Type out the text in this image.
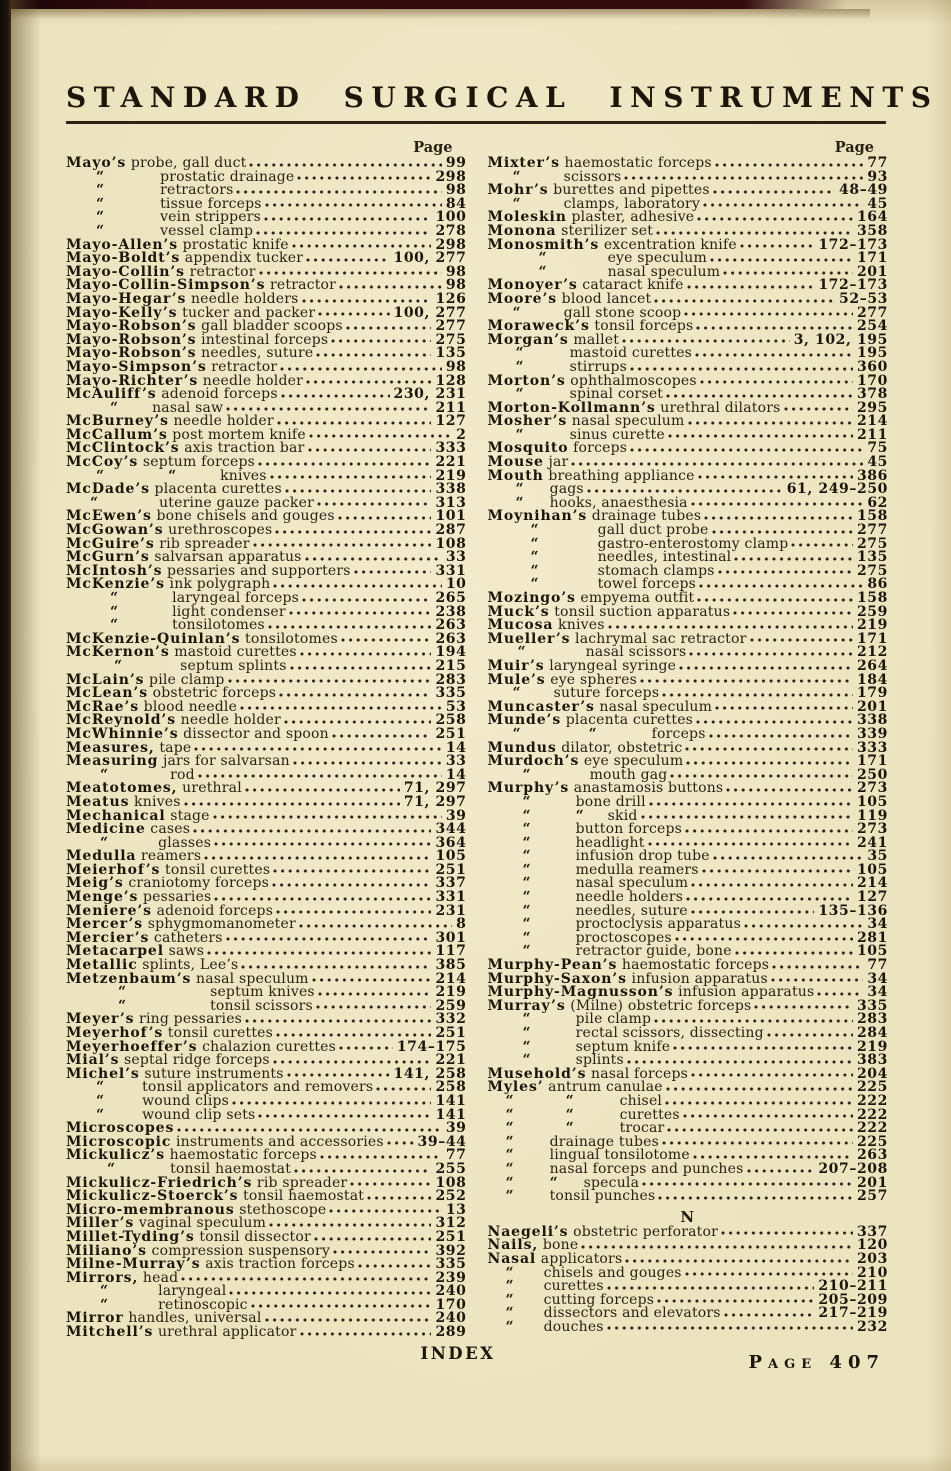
STANDARD SURGICAL INSTRUMENTS
Page
Mayo’s probe, gall duct	99
“	prostatic drainage	298
“	retractors	98
“	tissue forceps	84
“	vein strippers	100
“	vessel clamp	278
Mayo-Allen’s prostatic knife	298
Mayo-Boldt’s appendix tucker	100, 277
Mayo-Collin’s retractor	98
Mayo-Collin-Simpson’s retractor	98
Mayo-Hegar’s needle holders	126
Mayo-Kelly’s tucker and packer	100, 277
Mayo-Robson’s gall bladder scoops	277
Mayo-Robson’s intestinal forceps	275
Mayo-Robson’s needles, suture	135
Mayo-Simpson’s retractor	98
Mayo-Richter’s needle holder	128
McAuliff’s adenoid forceps	230, 231
“ nasal saw	211
McBurney’s needle holder	127
McCallum’s post mortem knife	2
McClintock’s axis traction bar	333
McCoy’s septum forceps	221
“	“	knives	219
McDade’s placenta curettes	338
“	uterine gauze packer	313
McEwen’s bone chisels and gouges	101
McGowan’s urethroscopes	287
McGuire’s rib spreader	108
McGurn’s salvarsan apparatus	33
McIntosh’s pessaries and supporters	331
McKenzie’s ink polygraph	10
“	laryngeal forceps	265
“	light condenser	238
“	tonsilotomes	263
McKenzie-Quinlan’s tonsilotomes	263
McKernon’s mastoid curettes	194
“	septum splints	215
McLain’s pile clamp	283
McLean’s obstetric forceps	335
McRae’s blood needle	53
McReynold’s needle holder	258
McWhinnie’s dissector and spoon	251
Measures, tape	14
Measuring jars for salvarsan	33
“	rod	14
Meatotomes, urethral	71, 297
Meatus knives	71, 297
Mechanical stage	39
Medicine cases	344
“	glasses	364
Medulla reamers	105
Meierhof’s tonsil curettes	251
Meig’s craniotomy forceps	337
Menge’s pessaries	331
Meniere’s adenoid forceps	231
Mercer’s sphygmomanometer	8
Mercier’s catheters	301
Metacarpel saws	117
Metallic splints, Lee’s	385
Metzenbaum’s nasal speculum	214
“	septum knives	219
“	tonsil scissors	259
Meyer’s ring pessaries	332
Meyerhof’s tonsil curettes	251
Meyerhoeffer’s chalazion curettes	174–175
Mial’s septal ridge forceps	221
Michel’s suture instruments	141, 258
“	tonsil applicators and removers	258
“	wound clips	141
“	wound clip sets	141
Microscopes	39
Microscopic instruments and accessories 39–44
Mickulicz’s haemostatic forceps	77
“	tonsil haemostat	255
Mickulicz-Friedrich’s rib spreader	108
Mickulicz-Stoerck’s tonsil haemostat	252
Micro-membranous stethoscope	13
Miller’s vaginal speculum	312
Millet-Tyding’s tonsil dissector	251
Miliano’s compression suspensory	392
Milne-Murray’s axis traction forceps	335
Mirrors, head	239
“	laryngeal	240
“	retinoscopic	170
Mirror handles, universal	240
Mitchell’s urethral applicator	289
Page
Mixter’s haemostatic forceps	77
“	scissors	93
Mohr’s burettes and pipettes	48–49
“	clamps, laboratory	45
Moleskin plaster, adhesive	164
Monona sterilizer set	358
Monosmith’s excentration knife	172–173
“	eye speculum	171
“	nasal speculum	201
Monoyer’s cataract knife	172–173
Moore’s blood lancet	52–53
“	gall stone scoop	277
Moraweck’s tonsil forceps	254
Morgan’s mallet	3, 102, 195
“	mastoid curettes	195
“	stirrups	360
Morton’s ophthalmoscopes	170
“	spinal corset	378
Morton-Kollmann’s urethral dilators	295
Mosher’s nasal speculum	214
“	sinus curette	211
Mosquito forceps	75
Mouse jar	45
Mouth breathing appliance	386
“ gags	61, 249–250
“ hooks, anaesthesia	62
Moynihan’s drainage tubes	158
“	gall duct probe	277
“	gastro-enterostomy clamp	275
“	needles, intestinal	135
“	stomach clamps	275
“	towel forceps	86
Mozingo’s empyema outfit	158
Muck’s tonsil suction apparatus	259
Mucosa knives	219
Mueller’s lachrymal sac retractor	171
“	nasal scissors	212
Muir’s laryngeal syringe	264
Mule’s eye spheres	184
“ suture forceps	179
Muncaster’s nasal speculum	201
Munde’s placenta curettes	338
“	“	forceps	339
Mundus dilator, obstetric	333
Murdoch’s eye speculum	171
“	mouth gag	250
Murphy’s anastamosis buttons	273
“	bone drill	105
“	“ skid	119
“	button forceps	273
“	headlight	241
“	infusion drop tube	35
“	medulla reamers	105
“	nasal speculum	214
“	needle holders	127
“	needles, suture	135–136
“	proctoclysis apparatus	34
“	proctoscopes	281
“	retractor guide, bone	105
Murphy-Pean’s haemostatic forceps	77
Murphy-Saxon’s infusion apparatus	34
Murphy-Magnusson’s infusion apparatus	34
Murray’s (Milne) obstetric forceps	335
“	pile clamp	283
“	rectal scissors, dissecting	284
“	septum knife	219
“	splints	383
Musehold’s nasal forceps	204
Myles’ antrum canulae	225
“	“	chisel	222
“	“	curettes	222
“	“	trocar	222
“	drainage tubes	225
“	lingual tonsilotome	263
“	nasal forceps and punches	207–208
“	“ specula	201
“	tonsil punches	257
N
Naegeli’s obstetric perforator	337
Nails, bone	120
Nasal applicators	203
“ chisels and gouges	210
“ curettes	210–211
“ cutting forceps	205–209
“ dissectors and elevators	217–219
“ douches	232
INDEX	Page 407
